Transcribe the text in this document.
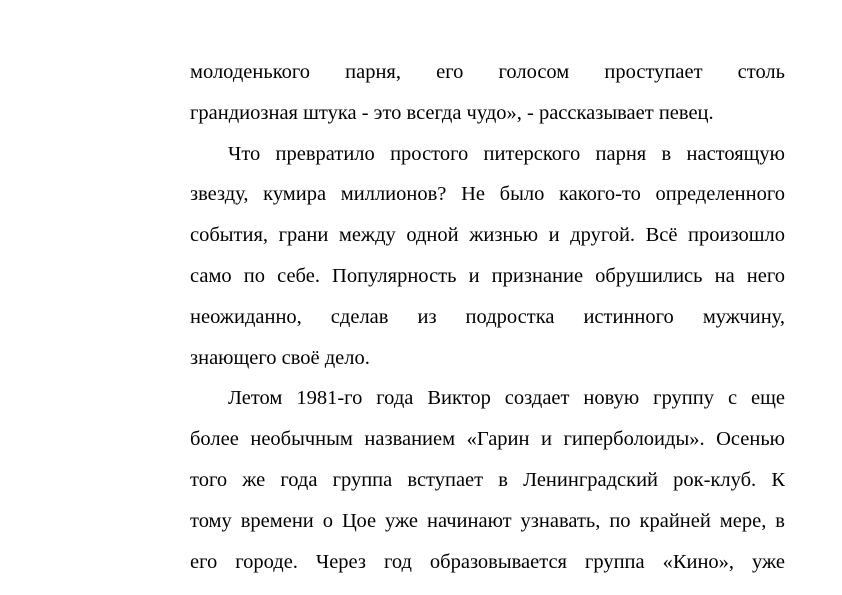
молоденького парня, его голосом проступает столь
грандиозная штука - это всегда чудо», - рассказывает певец.
Что превратило простого питерского парня в настоящую
звезду, кумира миллионов? Не было какого-то определенного
события, грани между одной жизнью и другой. Всё произошло
само по себе. Популярность и признание обрушились на него
неожиданно, сделав из подростка истинного мужчину,
знающего своё дело.
Летом 1981-го года Виктор создает новую группу с еще
более необычным названием «Гарин и гиперболоиды». Осенью
того же года группа вступает в Ленинградский рок-клуб. К
тому времени о Цое уже начинают узнавать, по крайней мере, в
его городе. Через год образовывается группа «Кино», уже
